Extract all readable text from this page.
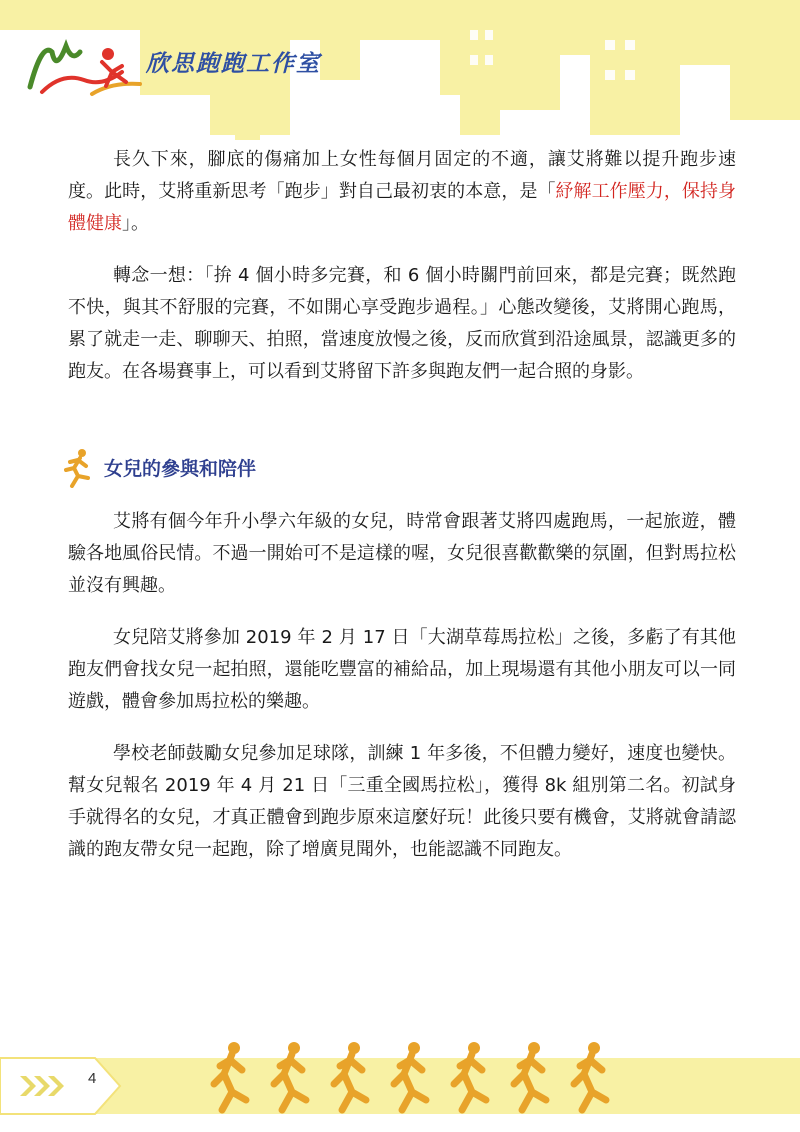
欣思跑跑工作室

長久下來，腳底的傷痛加上女性每個月固定的不適，讓艾將難以提升跑步速度。此時，艾將重新思考「跑步」對自己最初衷的本意，是「紓解工作壓力，保持身體健康」。

轉念一想：「拚 4 個小時多完賽，和 6 個小時關門前回來，都是完賽；既然跑不快，與其不舒服的完賽，不如開心享受跑步過程。」心態改變後，艾將開心跑馬，累了就走一走、聊聊天、拍照，當速度放慢之後，反而欣賞到沿途風景，認識更多的跑友。在各場賽事上，可以看到艾將留下許多與跑友們一起合照的身影。

女兒的參與和陪伴

艾將有個今年升小學六年級的女兒，時常會跟著艾將四處跑馬，一起旅遊，體驗各地風俗民情。不過一開始可不是這樣的喔，女兒很喜歡歡樂的氛圍，但對馬拉松並沒有興趣。

女兒陪艾將參加 2019 年 2 月 17 日「大湖草莓馬拉松」之後，多虧了有其他跑友們會找女兒一起拍照，還能吃豐富的補給品，加上現場還有其他小朋友可以一同遊戲，體會參加馬拉松的樂趣。

學校老師鼓勵女兒參加足球隊，訓練 1 年多後，不但體力變好，速度也變快。幫女兒報名 2019 年 4 月 21 日「三重全國馬拉松」，獲得 8k 組別第二名。初試身手就得名的女兒，才真正體會到跑步原來這麼好玩！此後只要有機會，艾將就會請認識的跑友帶女兒一起跑，除了增廣見聞外，也能認識不同跑友。

4
